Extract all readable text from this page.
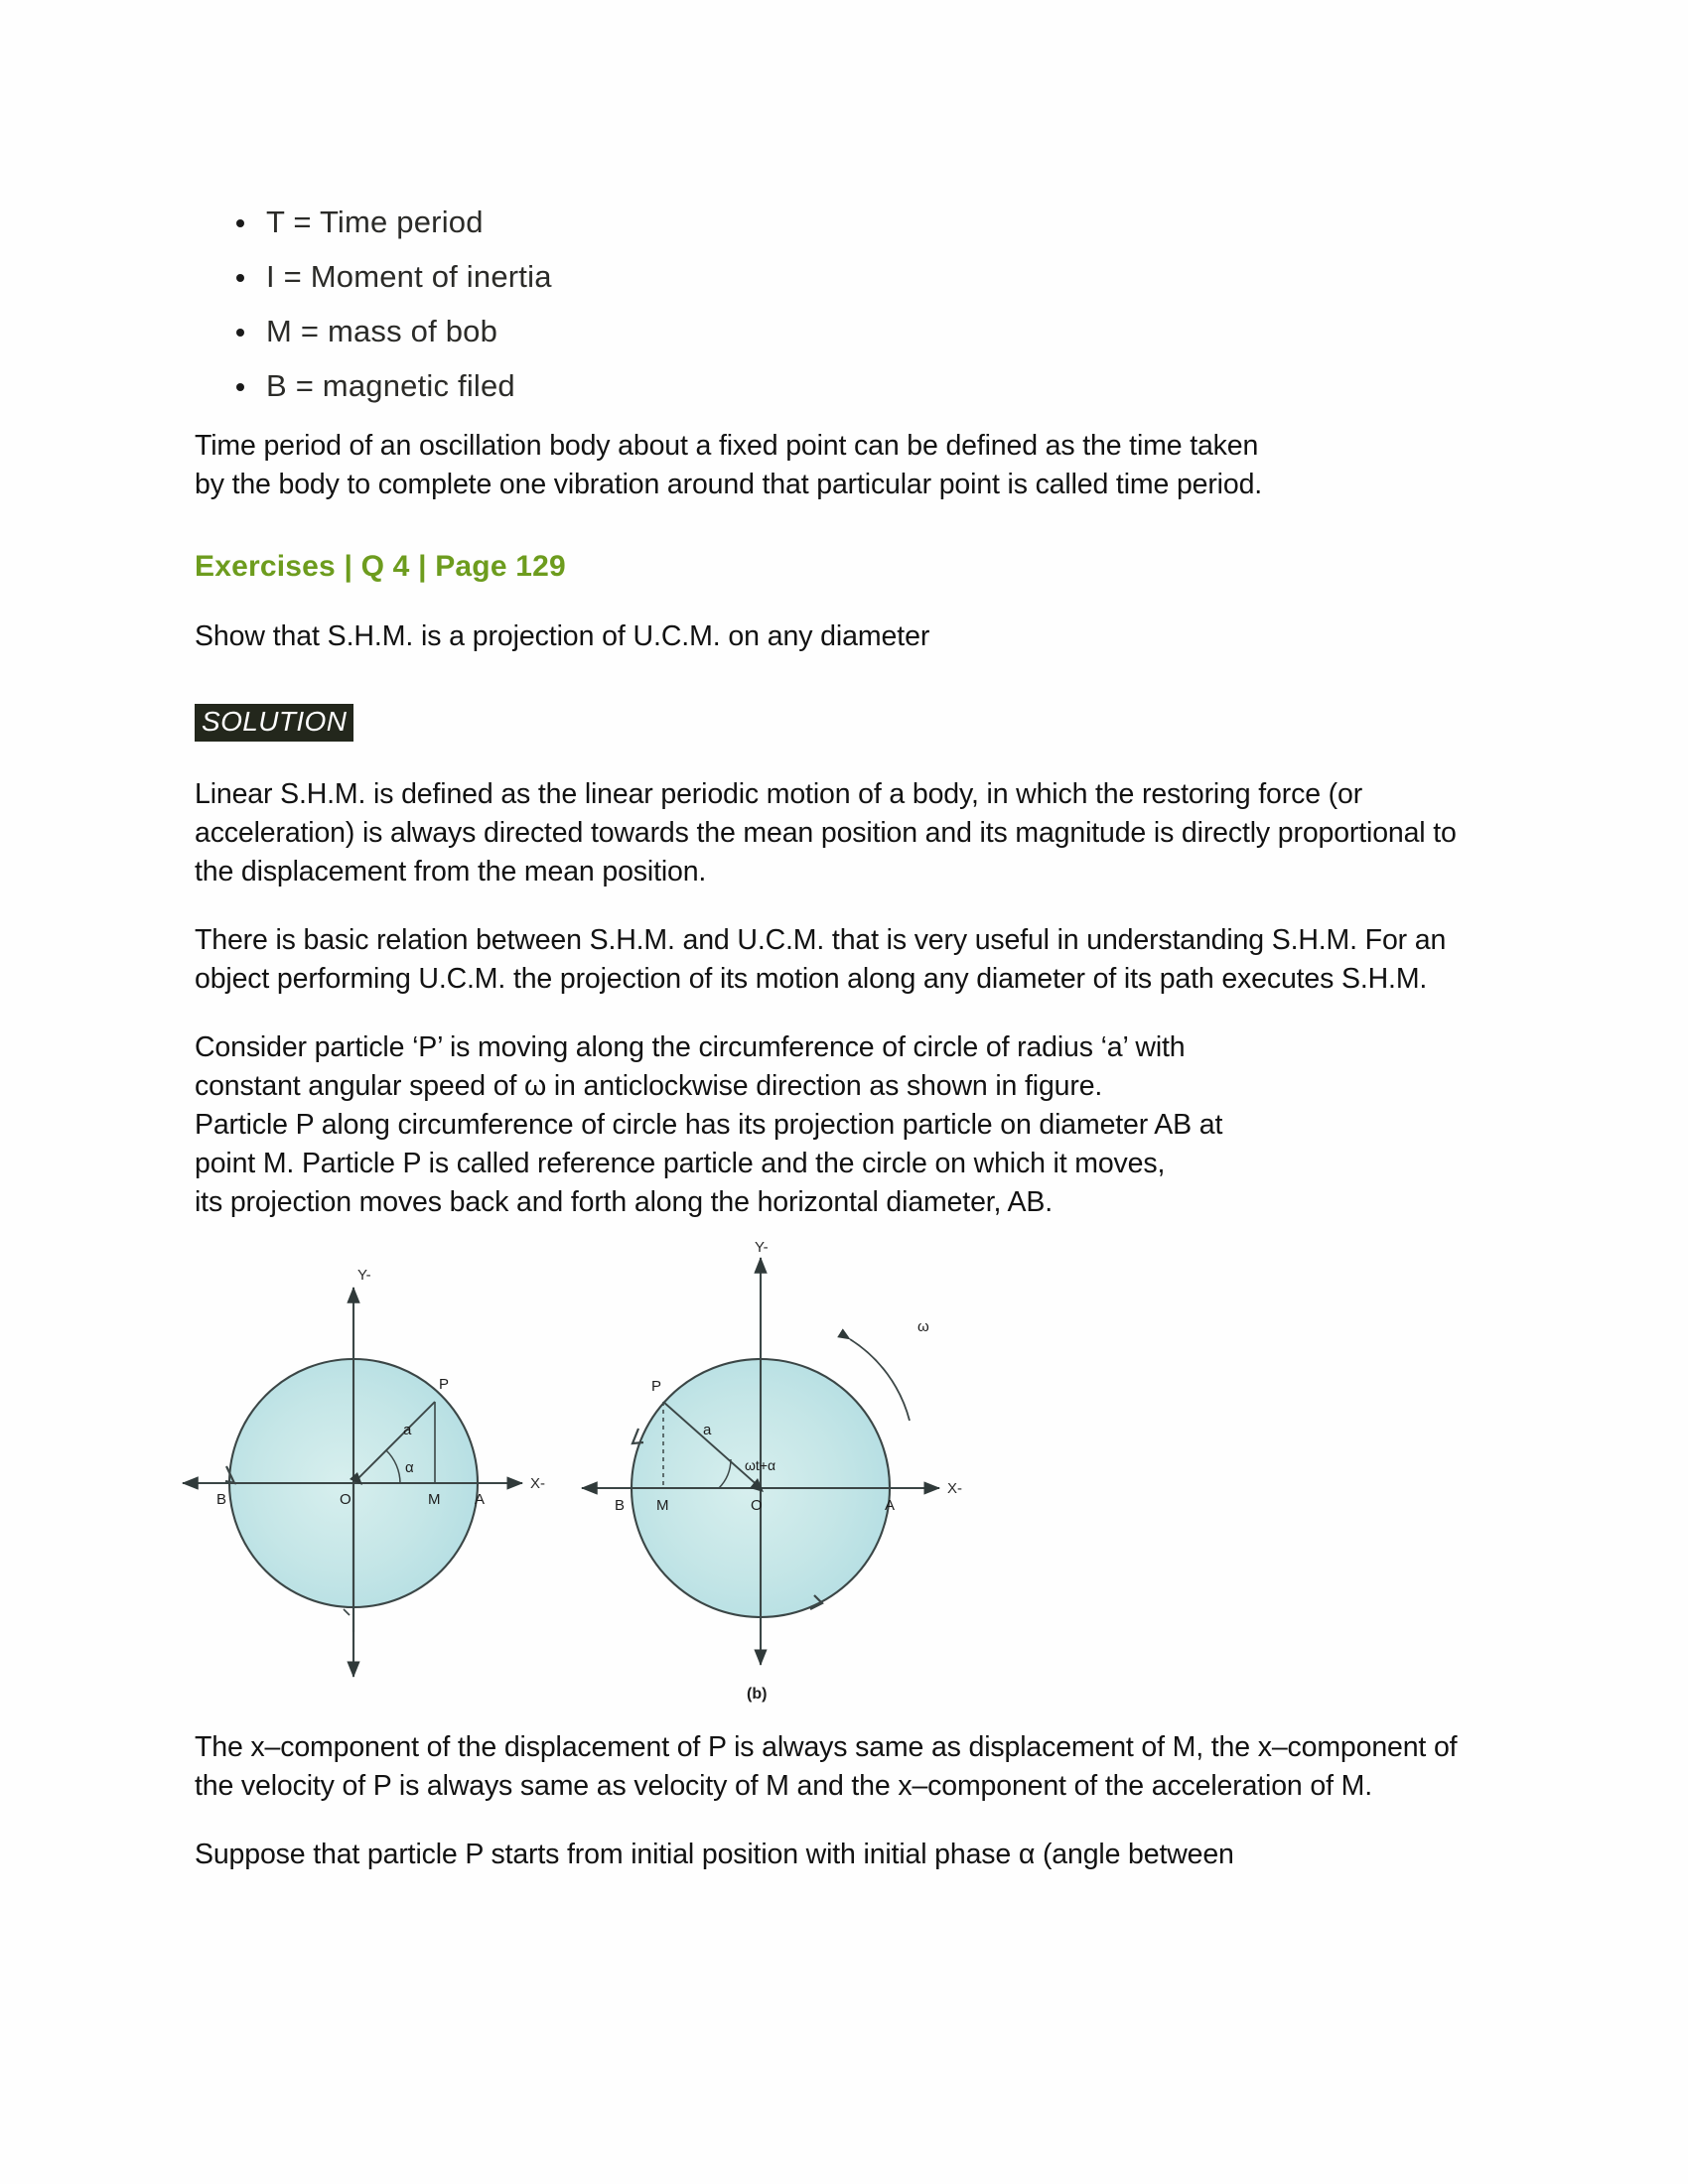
T = Time period
I = Moment of inertia
M = mass of bob
B = magnetic filed
Time period of an oscillation body about a fixed point can be defined as the time taken
by the body to complete one vibration around that particular point is called time period.
Exercises | Q 4 | Page 129
Show that S.H.M. is a projection of U.C.M. on any diameter
SOLUTION

Linear S.H.M. is defined as the linear periodic motion of a body, in which the restoring force (or acceleration) is always directed towards the mean position and its magnitude is directly proportional to the displacement from the mean position.

There is basic relation between S.H.M. and U.C.M. that is very useful in understanding S.H.M. For an object performing U.C.M. the projection of its motion along any diameter of its path executes S.H.M.

Consider particle ‘P’ is moving along the circumference of circle of radius ‘a’ with
constant angular speed of ω in anticlockwise direction as shown in figure.
Particle P along circumference of circle has its projection particle on diameter AB at
point M. Particle P is called reference particle and the circle on which it moves,
its projection moves back and forth along the horizontal diameter, AB.
Y-
X-
P
a
α
B	O	M A
Y-
X-
ω
P
a
ωt+α
B M	O	A
(b)

The x–component of the displacement of P is always same as displacement of M, the x–component of the velocity of P is always same as velocity of M and the x–component of the acceleration of M.

Suppose that particle P starts from initial position with initial phase α (angle between
